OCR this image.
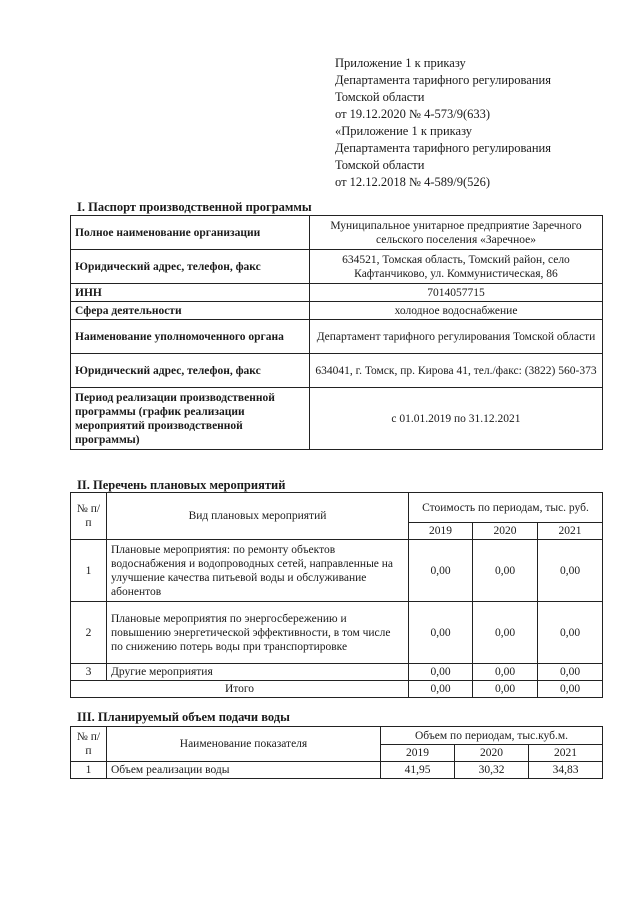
Приложение 1 к приказу
Департамента тарифного регулирования
Томской области
от 19.12.2020 № 4-573/9(633)
«Приложение 1 к приказу
Департамента тарифного регулирования
Томской области
от 12.12.2018 № 4-589/9(526)
I. Паспорт производственной программы
Полное наименование организации	Муниципальное унитарное предприятие Заречного сельского поселения «Заречное»
Юридический адрес, телефон, факс	634521, Томская область, Томский район, село Кафтанчиково, ул. Коммунистическая, 86
ИНН	7014057715
Сфера деятельности	холодное водоснабжение
Наименование уполномоченного органа	Департамент тарифного регулирования Томской области
Юридический адрес, телефон, факс	634041, г. Томск, пр. Кирова 41, тел./факс: (3822) 560-373
Период реализации производственной программы (график реализации мероприятий производственной программы)	с 01.01.2019 по 31.12.2021
II. Перечень плановых мероприятий
№ п/п	Вид плановых мероприятий	Стоимость по периодам, тыс. руб.		
		2019	2020	2021
1	Плановые мероприятия: по ремонту объектов водоснабжения и водопроводных сетей, направленные на улучшение качества питьевой воды и обслуживание абонентов	0,00	0,00	0,00
2	Плановые мероприятия по энергосбережению и повышению энергетической эффективности, в том числе по снижению потерь воды при транспортировке	0,00	0,00	0,00
3	Другие мероприятия	0,00	0,00	0,00
Итого		0,00	0,00	0,00
III. Планируемый объем подачи воды
№ п/п	Наименование показателя	Объем по периодам, тыс.куб.м.		
		2019	2020	2021
1	Объем реализации воды	41,95	30,32	34,83
